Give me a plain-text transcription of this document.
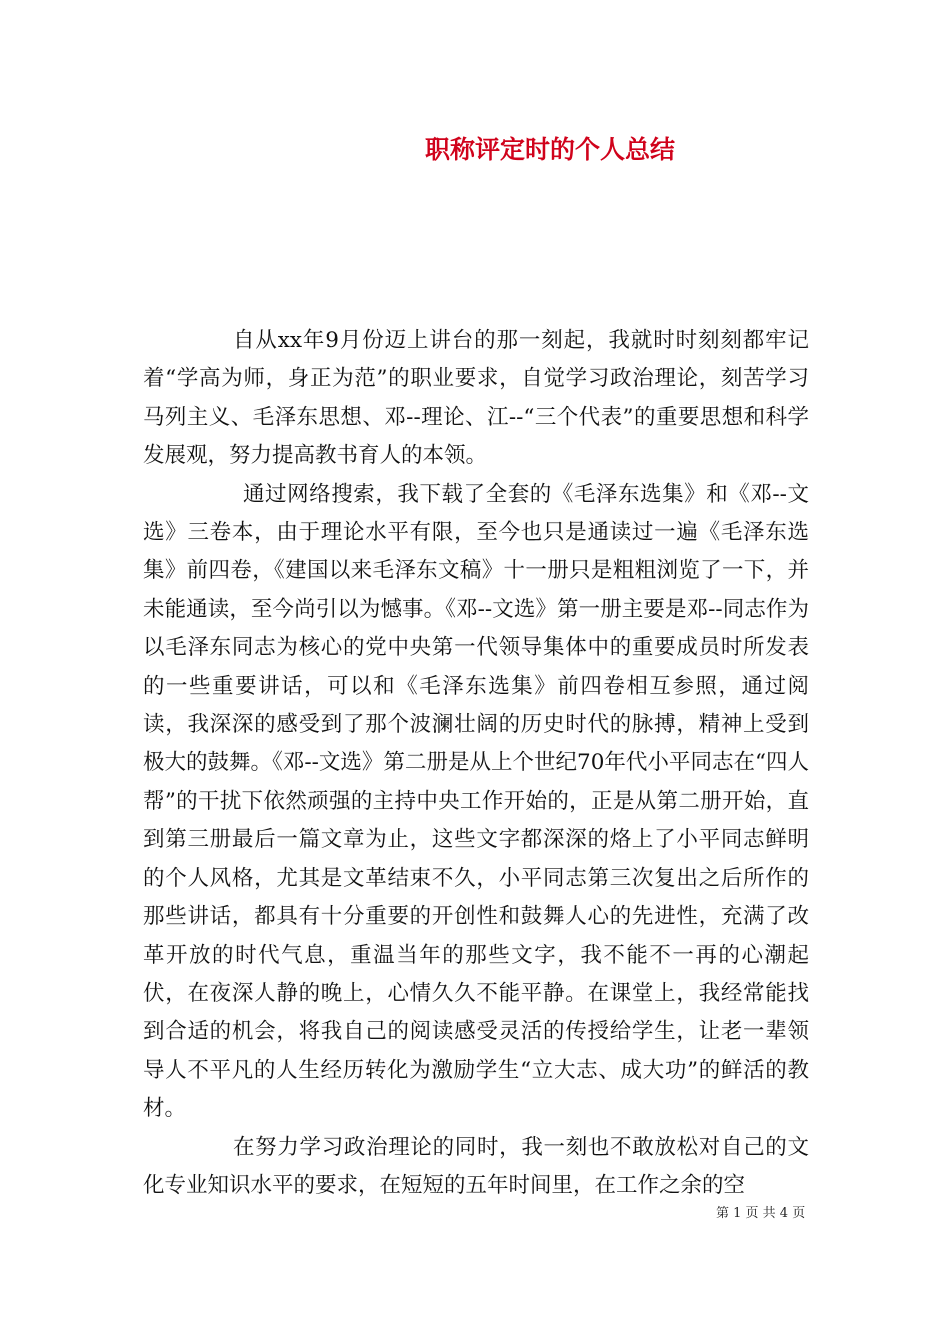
职称评定时的个人总结

自从xx年9月份迈上讲台的那一刻起，我就时时刻刻都牢记着“学高为师，身正为范”的职业要求，自觉学习政治理论，刻苦学习马列主义、毛泽东思想、邓--理论、江--“三个代表”的重要思想和科学发展观，努力提高教书育人的本领。

通过网络搜索，我下载了全套的《毛泽东选集》和《邓--文选》三卷本，由于理论水平有限，至今也只是通读过一遍《毛泽东选集》前四卷，《建国以来毛泽东文稿》十一册只是粗粗浏览了一下，并未能通读，至今尚引以为憾事。《邓--文选》第一册主要是邓--同志作为以毛泽东同志为核心的党中央第一代领导集体中的重要成员时所发表的一些重要讲话，可以和《毛泽东选集》前四卷相互参照，通过阅读，我深深的感受到了那个波澜壮阔的历史时代的脉搏，精神上受到极大的鼓舞。《邓--文选》第二册是从上个世纪70年代小平同志在“四人帮”的干扰下依然顽强的主持中央工作开始的，正是从第二册开始，直到第三册最后一篇文章为止，这些文字都深深的烙上了小平同志鲜明的个人风格，尤其是文革结束不久，小平同志第三次复出之后所作的那些讲话，都具有十分重要的开创性和鼓舞人心的先进性，充满了改革开放的时代气息，重温当年的那些文字，我不能不一再的心潮起伏，在夜深人静的晚上，心情久久不能平静。在课堂上，我经常能找到合适的机会，将我自己的阅读感受灵活的传授给学生，让老一辈领导人不平凡的人生经历转化为激励学生“立大志、成大功”的鲜活的教材。

在努力学习政治理论的同时，我一刻也不敢放松对自己的文化专业知识水平的要求，在短短的五年时间里，在工作之余的空

第 1 页 共 4 页
